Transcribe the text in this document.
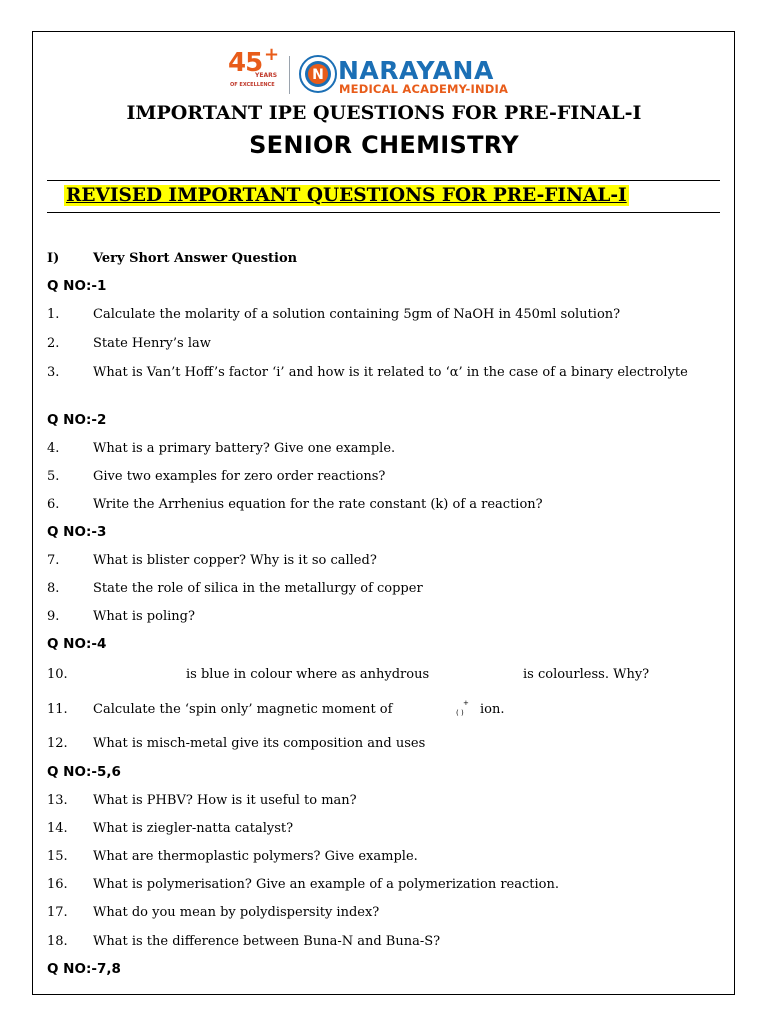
45 +
YEARS
OF EXCELLENCE
N NARAYANA
MEDICAL ACADEMY-INDIA
IMPORTANT IPE QUESTIONS FOR PRE-FINAL-I
SENIOR CHEMISTRY
REVISED IMPORTANT QUESTIONS FOR PRE-FINAL-I
I)	Very Short Answer Question
Q NO:-1
1.	Calculate the molarity of a solution containing 5gm of NaOH in 450ml solution?
2.	State Henry’s law
3.	What is Van’t Hoff’s factor ‘i’ and how is it related to ‘α’ in the case of a binary electrolyte
Q NO:-2
4.	What is a primary battery? Give one example.
5.	Give two examples for zero order reactions?
6.	Write the Arrhenius equation for the rate constant (k) of a reaction?
Q NO:-3
7.	What is blister copper? Why is it so called?
8.	State the role of silica in the metallurgy of copper
9.	What is poling?
Q NO:-4
10.	is blue in colour where as anhydrous	is colourless. Why?
11. Calculate the ‘spin only’ magnetic moment of	+
( ) ion.
12. What is misch-metal give its composition and uses
Q NO:-5,6
13. What is PHBV? How is it useful to man?
14. What is ziegler-natta catalyst?
15. What are thermoplastic polymers? Give example.
16. What is polymerisation? Give an example of a polymerization reaction.
17. What do you mean by polydispersity index?
18. What is the difference between Buna-N and Buna-S?
Q NO:-7,8
